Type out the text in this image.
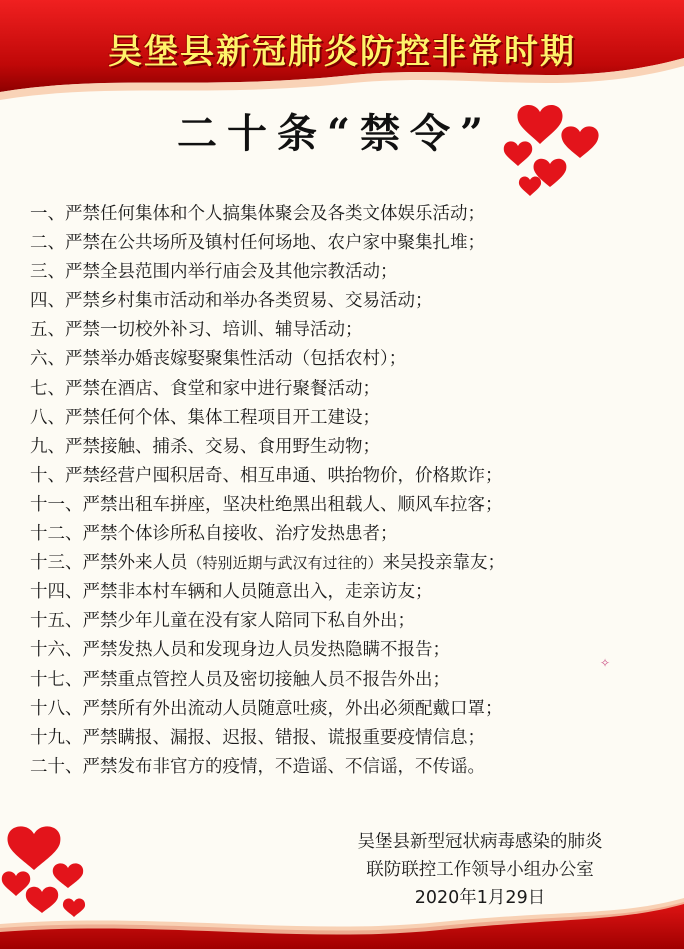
吴堡县新冠肺炎防控非常时期
二十条“禁令”
一、严禁任何集体和个人搞集体聚会及各类文体娱乐活动；
二、严禁在公共场所及镇村任何场地、农户家中聚集扎堆；
三、严禁全县范围内举行庙会及其他宗教活动；
四、严禁乡村集市活动和举办各类贸易、交易活动；
五、严禁一切校外补习、培训、辅导活动；
六、严禁举办婚丧嫁娶聚集性活动（包括农村）；
七、严禁在酒店、食堂和家中进行聚餐活动；
八、严禁任何个体、集体工程项目开工建设；
九、严禁接触、捕杀、交易、食用野生动物；
十、严禁经营户囤积居奇、相互串通、哄抬物价，价格欺诈；
十一、严禁出租车拼座，坚决杜绝黑出租载人、顺风车拉客；
十二、严禁个体诊所私自接收、治疗发热患者；
十三、严禁外来人员（特别近期与武汉有过往的）来吴投亲靠友；
十四、严禁非本村车辆和人员随意出入，走亲访友；
十五、严禁少年儿童在没有家人陪同下私自外出；
十六、严禁发热人员和发现身边人员发热隐瞒不报告；
十七、严禁重点管控人员及密切接触人员不报告外出；
十八、严禁所有外出流动人员随意吐痰，外出必须配戴口罩；
十九、严禁瞒报、漏报、迟报、错报、谎报重要疫情信息；
二十、严禁发布非官方的疫情，不造谣、不信谣，不传谣。
✧
吴堡县新型冠状病毒感染的肺炎
联防联控工作领导小组办公室
2020年1月29日
